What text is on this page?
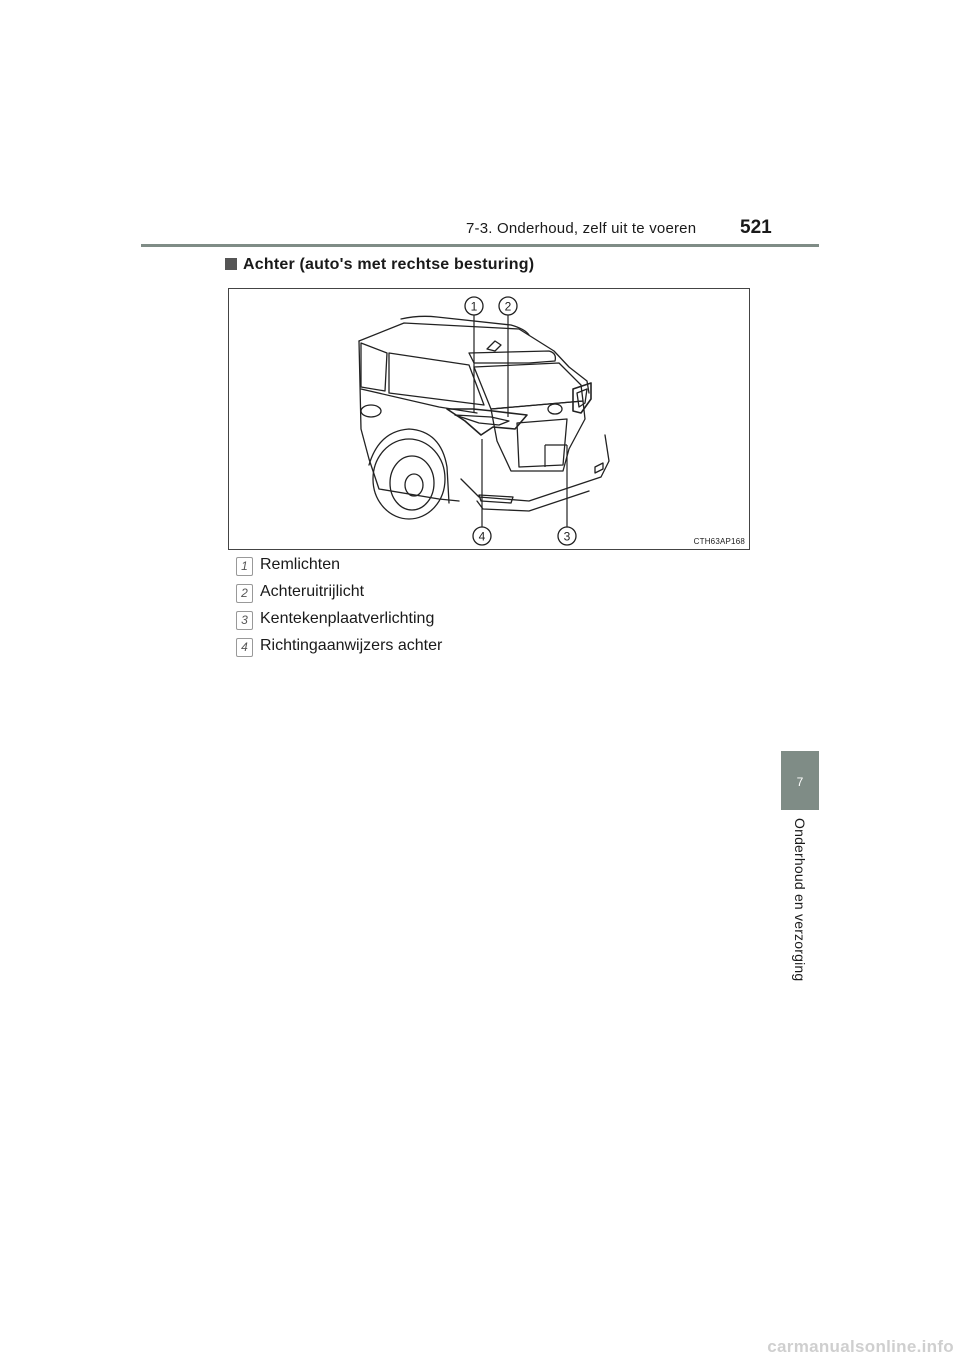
7-3. Onderhoud, zelf uit te voeren 521
Achter (auto's met rechtse besturing)
1 2
3
4	CTH63AP168
1 Remlichten
2 Achteruitrijlicht
3 Kentekenplaatverlichting
4 Richtingaanwijzers achter
7
Onderhoud en verzorging
carmanualsonline.info
